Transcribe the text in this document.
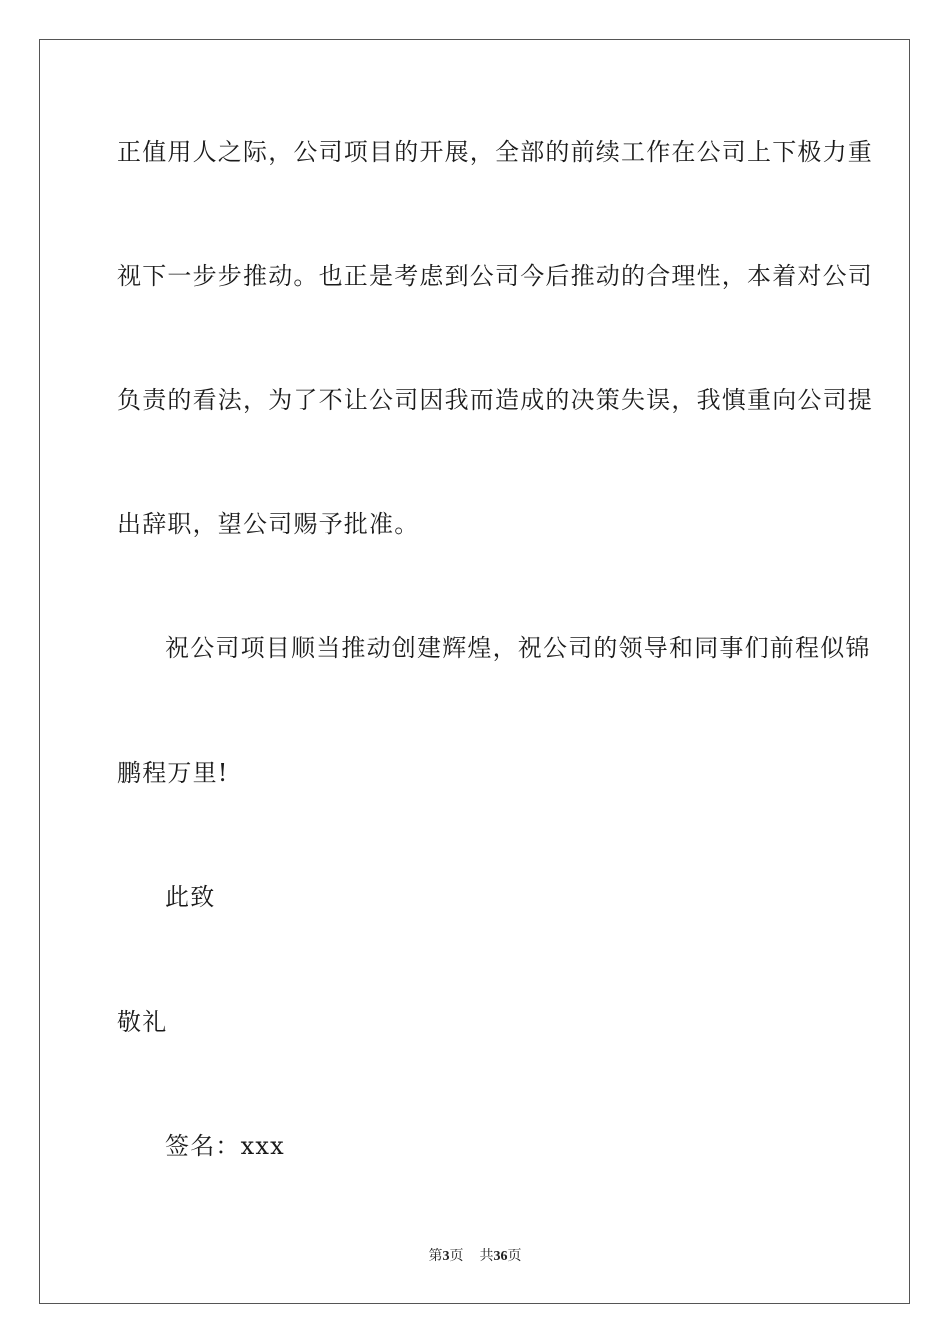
正值用人之际，公司项目的开展，全部的前续工作在公司上下极力重
视下一步步推动。也正是考虑到公司今后推动的合理性，本着对公司
负责的看法，为了不让公司因我而造成的决策失误，我慎重向公司提
出辞职，望公司赐予批准。
祝公司项目顺当推动创建辉煌，祝公司的领导和同事们前程似锦
鹏程万里!
此致
敬礼
签名：xxx
第3页 共36页
